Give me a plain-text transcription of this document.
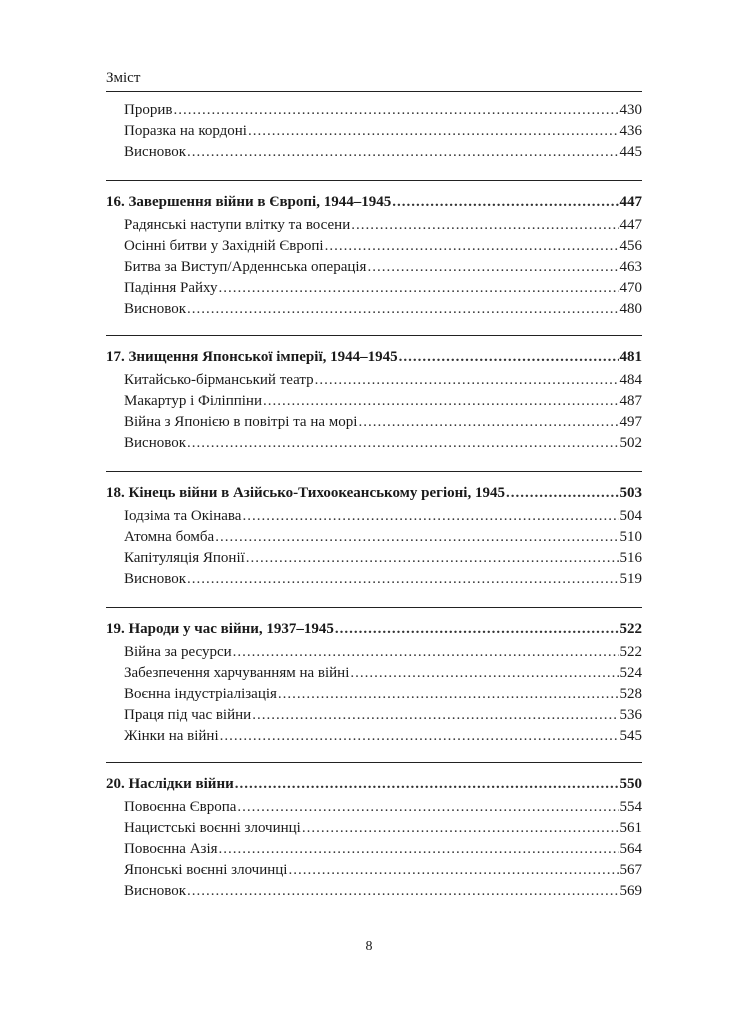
Зміст
Прорив .....	430
Поразка на кордоні .....	436
Висновок .....	445
16. Завершення війни в Європі, 1944–1945 .....	447
Радянські наступи влітку та восени .....	447
Осінні битви у Західній Європі .....	456
Битва за Виступ/Арденнська операція .....	463
Падіння Райху .....	470
Висновок .....	480
17. Знищення Японської імперії, 1944–1945 .....	481
Китайсько-бірманський театр .....	484
Макартур і Філіппіни .....	487
Війна з Японією в повітрі та на морі .....	497
Висновок .....	502
18. Кінець війни в Азійсько-Тихоокеанському регіоні, 1945 .....	503
Іодзіма та Окінава .....	504
Атомна бомба .....	510
Капітуляція Японії .....	516
Висновок .....	519
19. Народи у час війни, 1937–1945 .....	522
Війна за ресурси .....	522
Забезпечення харчуванням на війні .....	524
Воєнна індустріалізація .....	528
Праця під час війни .....	536
Жінки на війні .....	545
20. Наслідки війни .....	550
Повоєнна Європа .....	554
Нацистські воєнні злочинці .....	561
Повоєнна Азія .....	564
Японські воєнні злочинці .....	567
Висновок .....	569
8
